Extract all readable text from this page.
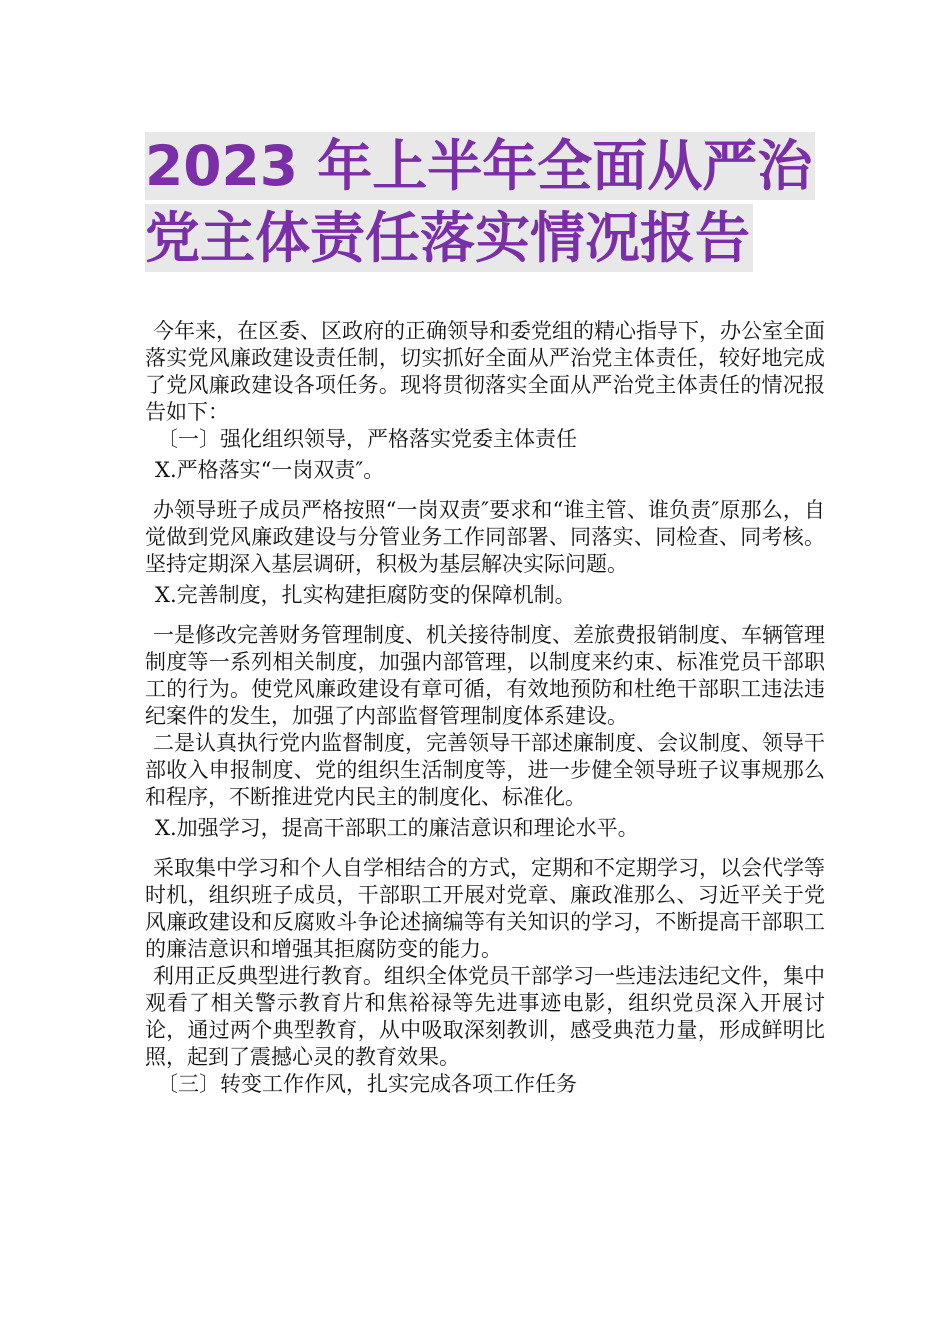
2023 年上半年全面从严治
党主体责任落实情况报告

今年来，在区委、区政府的正确领导和委党组的精心指导下，办公室全面落实党风廉政建设责任制，切实抓好全面从严治党主体责任，较好地完成了党风廉政建设各项任务。现将贯彻落实全面从严治党主体责任的情况报告如下：

〔一〕强化组织领导，严格落实党委主体责任

X.严格落实“一岗双责″。

办领导班子成员严格按照“一岗双责″要求和“谁主管、谁负责″原那么，自觉做到党风廉政建设与分管业务工作同部署、同落实、同检查、同考核。坚持定期深入基层调研，积极为基层解决实际问题。

X.完善制度，扎实构建拒腐防变的保障机制。

一是修改完善财务管理制度、机关接待制度、差旅费报销制度、车辆管理制度等一系列相关制度，加强内部管理，以制度来约束、标准党员干部职工的行为。使党风廉政建设有章可循，有效地预防和杜绝干部职工违法违纪案件的发生，加强了内部监督管理制度体系建设。

二是认真执行党内监督制度，完善领导干部述廉制度、会议制度、领导干部收入申报制度、党的组织生活制度等，进一步健全领导班子议事规那么和程序，不断推进党内民主的制度化、标准化。

X.加强学习，提高干部职工的廉洁意识和理论水平。

采取集中学习和个人自学相结合的方式，定期和不定期学习，以会代学等时机，组织班子成员，干部职工开展对党章、廉政准那么、习近平关于党风廉政建设和反腐败斗争论述摘编等有关知识的学习，不断提高干部职工的廉洁意识和增强其拒腐防变的能力。

利用正反典型进行教育。组织全体党员干部学习一些违法违纪文件，集中观看了相关警示教育片和焦裕禄等先进事迹电影，组织党员深入开展讨论，通过两个典型教育，从中吸取深刻教训，感受典范力量，形成鲜明比照，起到了震撼心灵的教育效果。

〔三〕转变工作作风，扎实完成各项工作任务
